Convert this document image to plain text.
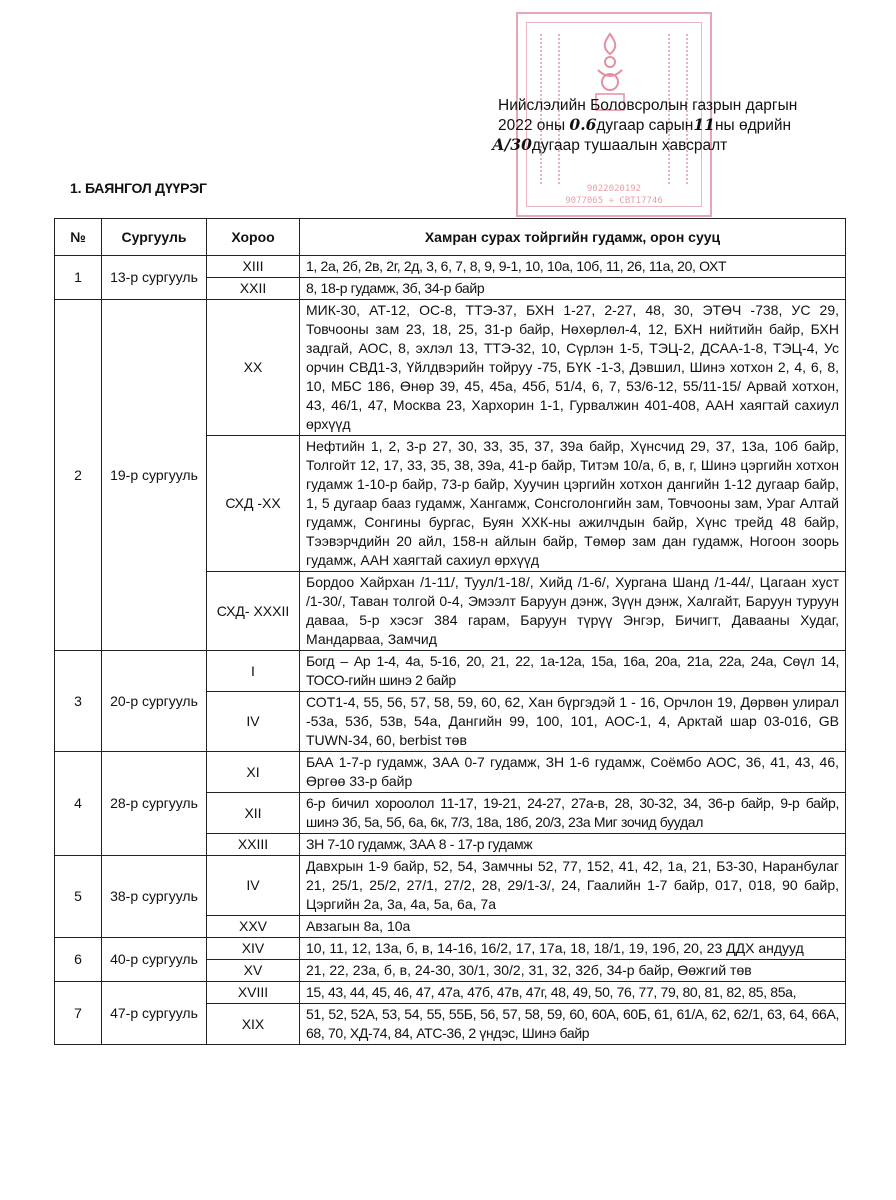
9022020192
9077065 ÷ CBT17746
Нийслэлийн Боловсролын газрын даргын
2022 оны 0.6дугаар сарын11ны өдрийн
А/30дугаар тушаалын хавсралт
1. БАЯНГОЛ ДҮҮРЭГ
№	Сургууль	Хороо	Хамран сурах тойргийн гудамж, орон сууц
1	13-р сургууль	XIII	1, 2а, 2б, 2в, 2г, 2д, 3, 6, 7, 8, 9, 9-1, 10, 10а, 10б, 11, 26, 11а, 20, ОХТ
		XXII	8, 18-р гудамж, 3б, 34-р байр
2	19-р сургууль	XX	МИК-30, АТ-12, ОС-8, ТТЭ-37, БХН 1-27, 2-27, 48, 30, ЭТӨЧ -738, УС 29, Товчооны зам 23, 18, 25, 31-р байр, Нөхөрлөл-4, 12, БХН нийтийн байр, БХН задгай, АОС, 8, эхлэл 13, ТТЭ-32, 10, Сүрлэн 1-5, ТЭЦ-2, ДСАА-1-8, ТЭЦ-4, Ус орчин СВД1-3, Үйлдвэрийн тойруу -75, БҮК -1-3, Дэвшил, Шинэ хотхон 2, 4, 6, 8, 10, МБС 186, Өнөр 39, 45, 45а, 45б, 51/4, 6, 7, 53/6-12, 55/11-15/ Арвай хотхон, 43, 46/1, 47, Москва 23, Хархорин 1-1, Гурвалжин 401-408, ААН хаягтай сахиул өрхүүд
		СХД -XX	Нефтийн 1, 2, 3-р 27, 30, 33, 35, 37, 39а байр, Хүнсчид 29, 37, 13а, 10б байр, Толгойт 12, 17, 33, 35, 38, 39а, 41-р байр, Титэм 10/а, б, в, г, Шинэ цэргийн хотхон гудамж 1-10-р байр, 73-р байр, Хуучин цэргийн хотхон дангийн 1-12 дугаар байр, 1, 5 дугаар бааз гудамж, Хангамж, Сонсголонгийн зам, Товчооны зам, Ураг Алтай гудамж, Сонгины бургас, Буян ХХК-ны ажилчдын байр, Хүнс трейд 48 байр, Тээвэрчдийн 20 айл, 158-н айлын байр, Төмөр зам дан гудамж, Ногоон зоорь гудамж, ААН хаягтай сахиул өрхүүд
		СХД- XXXII	Бордоо Хайрхан /1-11/, Туул/1-18/, Хийд /1-6/, Хургана Шанд /1-44/, Цагаан хуст /1-30/, Таван толгой 0-4, Эмээлт Баруун дэнж, Зүүн дэнж, Халгайт, Баруун туруун даваа, 5-р хэсэг 384 гарам, Баруун түрүү Энгэр, Бичигт, Давааны Худаг, Мандарваа, Замчид
3	20-р сургууль	I	Богд – Ар 1-4, 4а, 5-16, 20, 21, 22, 1а-12а, 15а, 16а, 20а, 21а, 22а, 24а, Сөүл 14, ТОСО-гийн шинэ 2 байр
		IV	СОТ1-4, 55, 56, 57, 58, 59, 60, 62, Хан бүргэдэй 1 - 16, Орчлон 19, Дөрвөн улирал -53а, 53б, 53в, 54а, Дангийн 99, 100, 101, АОС-1, 4, Арктай шар 03-016, GB TUWN-34, 60, berbist төв
4	28-р сургууль	XI	БАА 1-7-р гудамж, ЗАА 0-7 гудамж, ЗН 1-6 гудамж, Соёмбо АОС, 36, 41, 43, 46, Өргөө 33-р байр
		XII	6-р бичил хороолол 11-17, 19-21, 24-27, 27а-в, 28, 30-32, 34, 36-р байр, 9-р байр, шинэ 3б, 5а, 5б, 6а, 6к, 7/3, 18а, 18б, 20/3, 23а Миг зочид буудал
		XXIII	ЗН 7-10 гудамж, ЗАА 8 - 17-р гудамж
5	38-р сургууль	IV	Давхрын 1-9 байр, 52, 54, Замчны 52, 77, 152, 41, 42, 1а, 21, Б3-30, Наранбулаг 21, 25/1, 25/2, 27/1, 27/2, 28, 29/1-3/, 24, Гаалийн 1-7 байр, 017, 018, 90 байр, Цэргийн 2а, 3а, 4а, 5а, 6а, 7а
		XXV	Авзагын 8а, 10а
6	40-р сургууль	XIV	10, 11, 12, 13а, б, в, 14-16, 16/2, 17, 17а, 18, 18/1, 19, 19б, 20, 23 ДДХ андууд
		XV	21, 22, 23а, б, в, 24-30, 30/1, 30/2, 31, 32, 32б, 34-р байр, Өөжгий төв
7	47-р сургууль	XVIII	15, 43, 44, 45, 46, 47, 47а, 47б, 47в, 47г, 48, 49, 50, 76, 77, 79, 80, 81, 82, 85, 85а,
		XIX	51, 52, 52А, 53, 54, 55, 55Б, 56, 57, 58, 59, 60, 60А, 60Б, 61, 61/А, 62, 62/1, 63, 64, 66А, 68, 70, ХД-74, 84, АТС-36, 2 үндэс, Шинэ байр
